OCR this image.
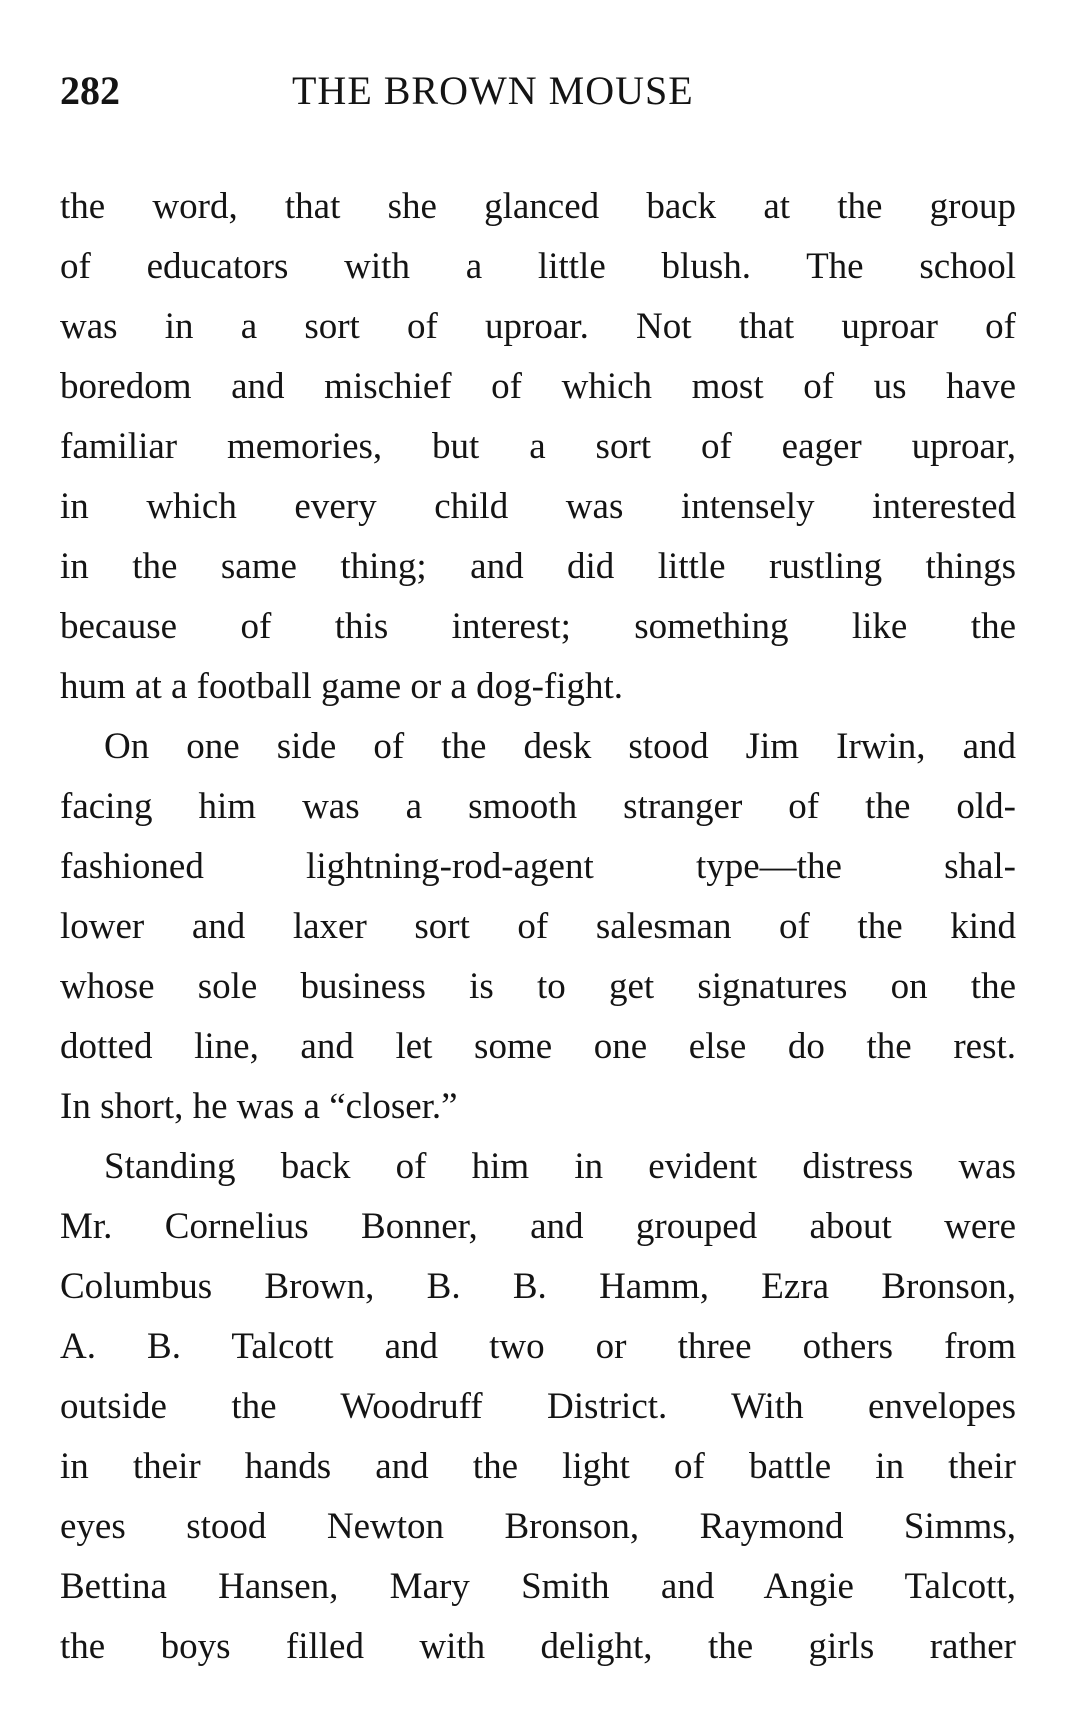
282	THE BROWN MOUSE
the word, that she glanced back at the group
of educators with a little blush. The school
was in a sort of uproar. Not that uproar of
boredom and mischief of which most of us have
familiar memories, but a sort of eager uproar,
in which every child was intensely interested
in the same thing; and did little rustling things
because of this interest; something like the
hum at a football game or a dog-fight.
On one side of the desk stood Jim Irwin, and
facing him was a smooth stranger of the old-
fashioned lightning-rod-agent type—the shal-
lower and laxer sort of salesman of the kind
whose sole business is to get signatures on the
dotted line, and let some one else do the rest.
In short, he was a “closer.”
Standing back of him in evident distress was
Mr. Cornelius Bonner, and grouped about were
Columbus Brown, B. B. Hamm, Ezra Bronson,
A. B. Talcott and two or three others from
outside the Woodruff District. With envelopes
in their hands and the light of battle in their
eyes stood Newton Bronson, Raymond Simms,
Bettina Hansen, Mary Smith and Angie Talcott,
the boys filled with delight, the girls rather
